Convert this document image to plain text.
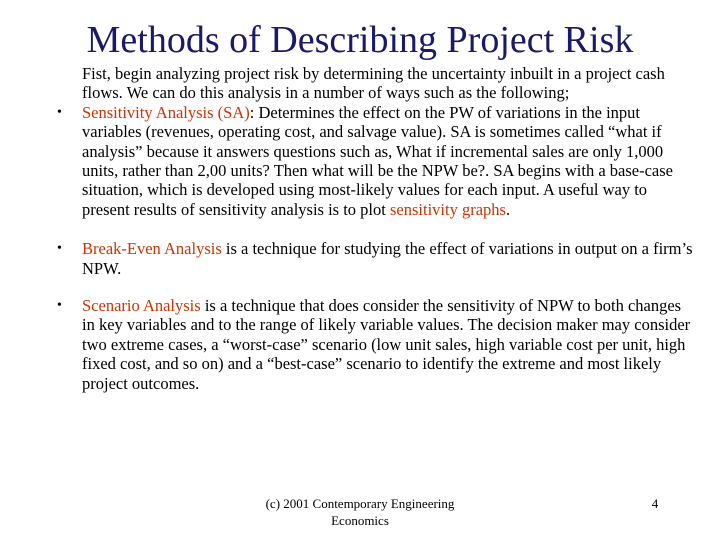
Methods of Describing Project Risk

Fist, begin analyzing project risk by determining the uncertainty inbuilt in a project cash flows. We can do this analysis in a number of ways such as the following;

• Sensitivity Analysis (SA): Determines the effect on the PW of variations in the input variables (revenues, operating cost, and salvage value). SA is sometimes called “what if analysis” because it answers questions such as, What if incremental sales are only 1,000 units, rather than 2,00 units? Then what will be the NPW be?. SA begins with a base-case situation, which is developed using most-likely values for each input. A useful way to present results of sensitivity analysis is to plot sensitivity graphs.

• Break-Even Analysis is a technique for studying the effect of variations in output on a firm’s NPW.

• Scenario Analysis is a technique that does consider the sensitivity of NPW to both changes in key variables and to the range of likely variable values. The decision maker may consider two extreme cases, a “worst-case” scenario (low unit sales, high variable cost per unit, high fixed cost, and so on) and a “best-case” scenario to identify the extreme and most likely project outcomes.

(c) 2001 Contemporary Engineering
Economics
4
